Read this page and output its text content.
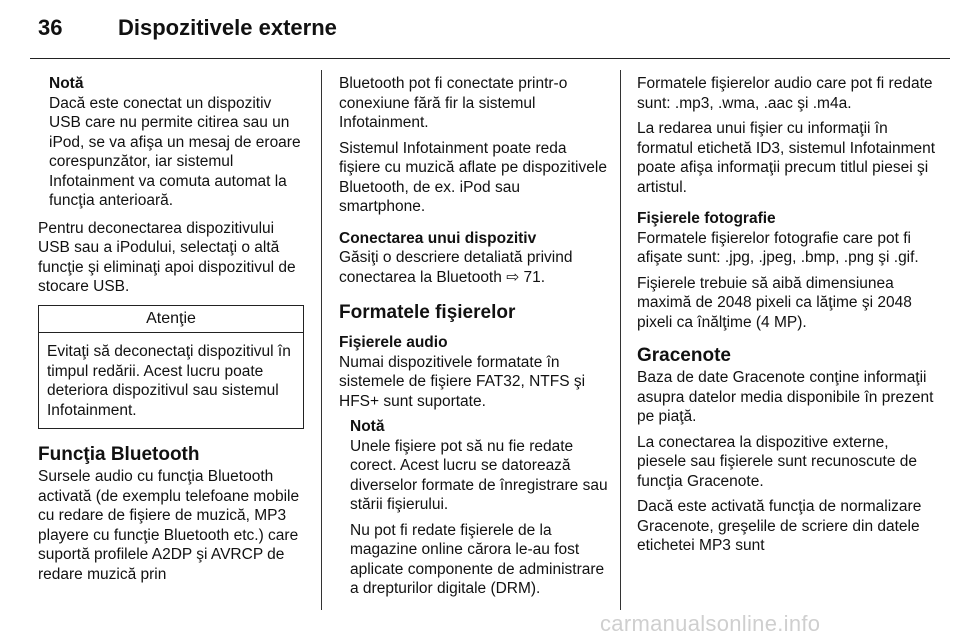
36	Dispozitivele externe
Notă
Dacă este conectat un dispozitiv USB care nu permite citirea sau un iPod, se va afişa un mesaj de eroare corespunzător, iar sistemul Infotainment va comuta automat la funcţia anterioară.

Pentru deconectarea dispozitivului USB sau a iPodului, selectaţi o altă funcţie şi eliminaţi apoi dispozitivul de stocare USB.

Atenţie
Evitaţi să deconectaţi dispozitivul în timpul redării. Acest lucru poate deteriora dispozitivul sau sistemul Infotainment.
Funcţia Bluetooth
Sursele audio cu funcţia Bluetooth activată (de exemplu telefoane mobile cu redare de fişiere de muzică, MP3 playere cu funcţie Bluetooth etc.) care suportă profilele A2DP şi AVRCP de redare muzică prin

Bluetooth pot fi conectate printr-o conexiune fără fir la sistemul Infotainment.

Sistemul Infotainment poate reda fişiere cu muzică aflate pe dispozitivele Bluetooth, de ex. iPod sau smartphone.

Conectarea unui dispozitiv

Găsiţi o descriere detaliată privind conectarea la Bluetooth ⇨ 71.

Formatele fişierelor
Fişierele audio

Numai dispozitivele formatate în sistemele de fişiere FAT32, NTFS şi HFS+ sunt suportate.

Notă

Unele fişiere pot să nu fie redate corect. Acest lucru se datorează diverselor formate de înregistrare sau stării fişierului.

Nu pot fi redate fişierele de la magazine online cărora le-au fost aplicate componente de administrare a drepturilor digitale (DRM).

Formatele fişierelor audio care pot fi redate sunt: .mp3, .wma, .aac şi .m4a.

La redarea unui fişier cu informaţii în formatul etichetă ID3, sistemul Infotainment poate afişa informaţii precum titlul piesei şi artistul.

Fişierele fotografie

Formatele fişierelor fotografie care pot fi afişate sunt: .jpg, .jpeg, .bmp, .png şi .gif.

Fişierele trebuie să aibă dimensiunea maximă de 2048 pixeli ca lăţime şi 2048 pixeli ca înălţime (4 MP).

Gracenote

Baza de date Gracenote conţine informaţii asupra datelor media disponibile în prezent pe piaţă.

La conectarea la dispozitive externe, piesele sau fişierele sunt recunoscute de funcţia Gracenote.

Dacă este activată funcţia de normalizare Gracenote, greşelile de scriere din datele etichetei MP3 sunt

carmanualsonline.info
